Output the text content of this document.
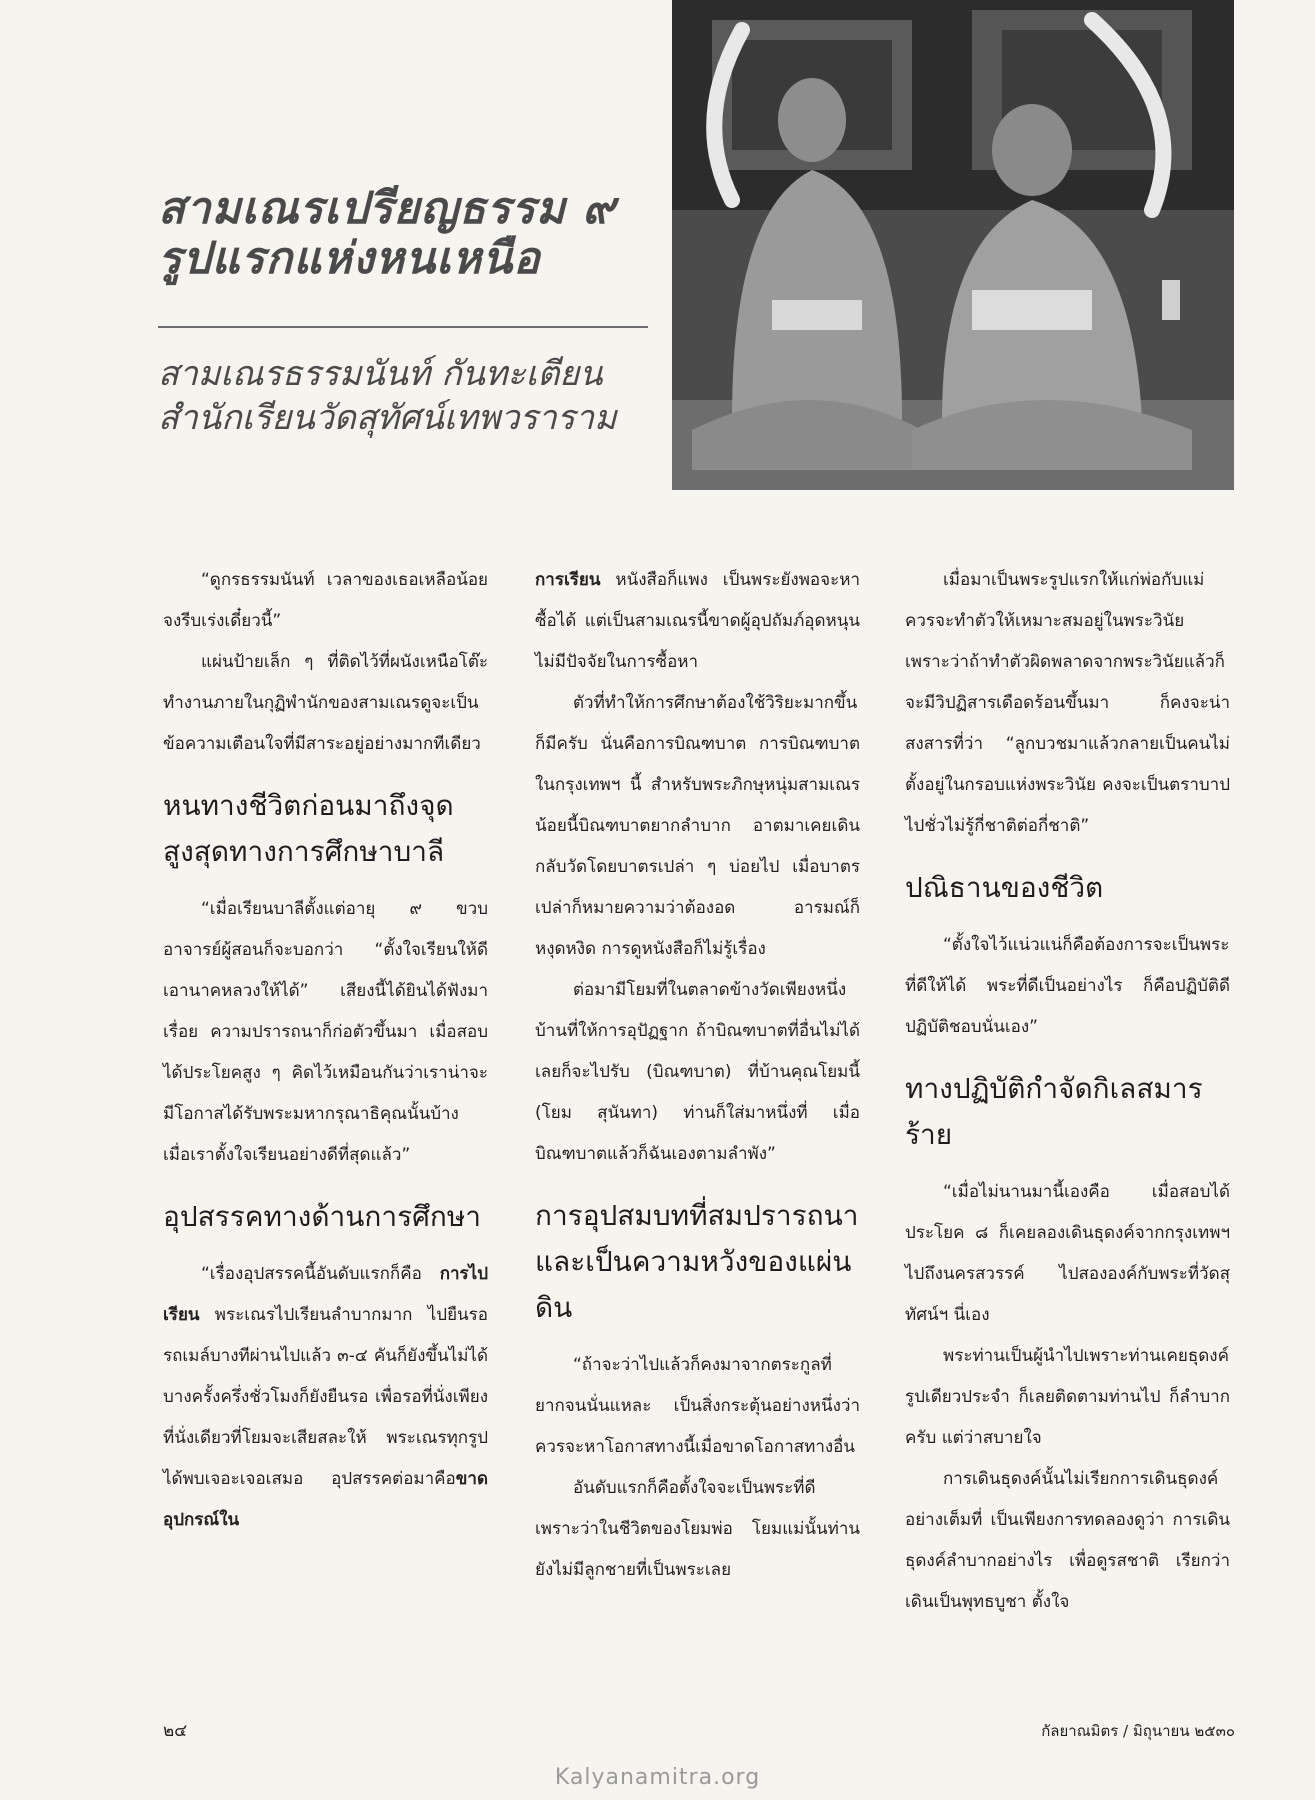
สามเณรเปรียญธรรม ๙
รูปแรกแห่งหนเหนือ
สามเณรธรรมนันท์ กันทะเตียน
สำนักเรียนวัดสุทัศน์เทพวราราม

“ดูกรธรรมนันท์ เวลาของเธอเหลือน้อย จงรีบเร่งเดี๋ยวนี้”

แผ่นป้ายเล็ก ๆ ที่ติดไว้ที่ผนังเหนือโต๊ะทำงานภายในกุฏิพำนักของสามเณรดูจะเป็นข้อความเตือนใจที่มีสาระอยู่อย่างมากทีเดียว

หนทางชีวิตก่อนมาถึงจุดสูงสุดทางการศึกษาบาลี

“เมื่อเรียนบาลีตั้งแต่อายุ ๙ ขวบ อาจารย์ผู้สอนก็จะบอกว่า “ตั้งใจเรียนให้ดี เอานาคหลวงให้ได้” เสียงนี้ได้ยินได้ฟังมาเรื่อย ความปรารถนาก็ก่อตัวขึ้นมา เมื่อสอบได้ประโยคสูง ๆ คิดไว้เหมือนกันว่าเราน่าจะมีโอกาสได้รับพระมหากรุณาธิคุณนั้นบ้าง เมื่อเราตั้งใจเรียนอย่างดีที่สุดแล้ว”

อุปสรรคทางด้านการศึกษา

“เรื่องอุปสรรคนี้อันดับแรกก็คือ การไปเรียน พระเณรไปเรียนลำบากมาก ไปยืนรอรถเมล์บางทีผ่านไปแล้ว ๓-๔ คันก็ยังขึ้นไม่ได้ บางครั้งครึ่งชั่วโมงก็ยังยืนรอ เพื่อรอที่นั่งเพียงที่นั่งเดียวที่โยมจะเสียสละให้ พระเณรทุกรูปได้พบเจอะเจอเสมอ อุปสรรคต่อมาคือขาดอุปกรณ์ใน

การเรียน หนังสือก็แพง เป็นพระยังพอจะหาซื้อได้ แต่เป็นสามเณรนี้ขาดผู้อุปถัมภ์อุดหนุน ไม่มีปัจจัยในการซื้อหา

ตัวที่ทำให้การศึกษาต้องใช้วิริยะมากขึ้นก็มีครับ นั่นคือการบิณฑบาต การบิณฑบาตในกรุงเทพฯ นี้ สำหรับพระภิกษุหนุ่มสามเณรน้อยนี้บิณฑบาตยากลำบาก อาตมาเคยเดินกลับวัดโดยบาตรเปล่า ๆ บ่อยไป เมื่อบาตรเปล่าก็หมายความว่าต้องอด อารมณ์ก็หงุดหงิด การดูหนังสือก็ไม่รู้เรื่อง

ต่อมามีโยมที่ในตลาดข้างวัดเพียงหนึ่งบ้านที่ให้การอุปัฏฐาก ถ้าบิณฑบาตที่อื่นไม่ได้เลยก็จะไปรับ (บิณฑบาต) ที่บ้านคุณโยมนี้ (โยม สุนันทา) ท่านก็ใส่มาหนึ่งที่ เมื่อบิณฑบาตแล้วก็ฉันเองตามลำพัง”

การอุปสมบทที่สมปรารถนาและเป็นความหวังของแผ่นดิน

“ถ้าจะว่าไปแล้วก็คงมาจากตระกูลที่ยากจนนั่นแหละ เป็นสิ่งกระตุ้นอย่างหนึ่งว่า ควรจะหาโอกาสทางนี้เมื่อขาดโอกาสทางอื่น

อันดับแรกก็คือตั้งใจจะเป็นพระที่ดี เพราะว่าในชีวิตของโยมพ่อ โยมแม่นั้นท่านยังไม่มีลูกชายที่เป็นพระเลย

เมื่อมาเป็นพระรูปแรกให้แก่พ่อกับแม่ ควรจะทำตัวให้เหมาะสมอยู่ในพระวินัย เพราะว่าถ้าทำตัวผิดพลาดจากพระวินัยแล้วก็จะมีวิปฏิสารเดือดร้อนขึ้นมา ก็คงจะน่าสงสารที่ว่า “ลูกบวชมาแล้วกลายเป็นคนไม่ตั้งอยู่ในกรอบแห่งพระวินัย คงจะเป็นตราบาปไปชั่วไม่รู้กี่ชาติต่อกี่ชาติ”

ปณิธานของชีวิต

“ตั้งใจไว้แน่วแน่ก็คือต้องการจะเป็นพระที่ดีให้ได้ พระที่ดีเป็นอย่างไร ก็คือปฏิบัติดี ปฏิบัติชอบนั่นเอง”

ทางปฏิบัติกำจัดกิเลสมารร้าย

“เมื่อไม่นานมานี้เองคือ เมื่อสอบได้ประโยค ๘ ก็เคยลองเดินธุดงค์จากกรุงเทพฯ ไปถึงนครสวรรค์ ไปสององค์กับพระที่วัดสุทัศน์ฯ นี่เอง

พระท่านเป็นผู้นำไปเพราะท่านเคยธุดงค์รูปเดียวประจำ ก็เลยติดตามท่านไป ก็ลำบากครับ แต่ว่าสบายใจ

การเดินธุดงค์นั้นไม่เรียกการเดินธุดงค์อย่างเต็มที่ เป็นเพียงการทดลองดูว่า การเดินธุดงค์ลำบากอย่างไร เพื่อดูรสชาติ เรียกว่าเดินเป็นพุทธบูชา ตั้งใจ

๒๔	กัลยาณมิตร / มิถุนายน ๒๕๓๐
Kalyanamitra.org
